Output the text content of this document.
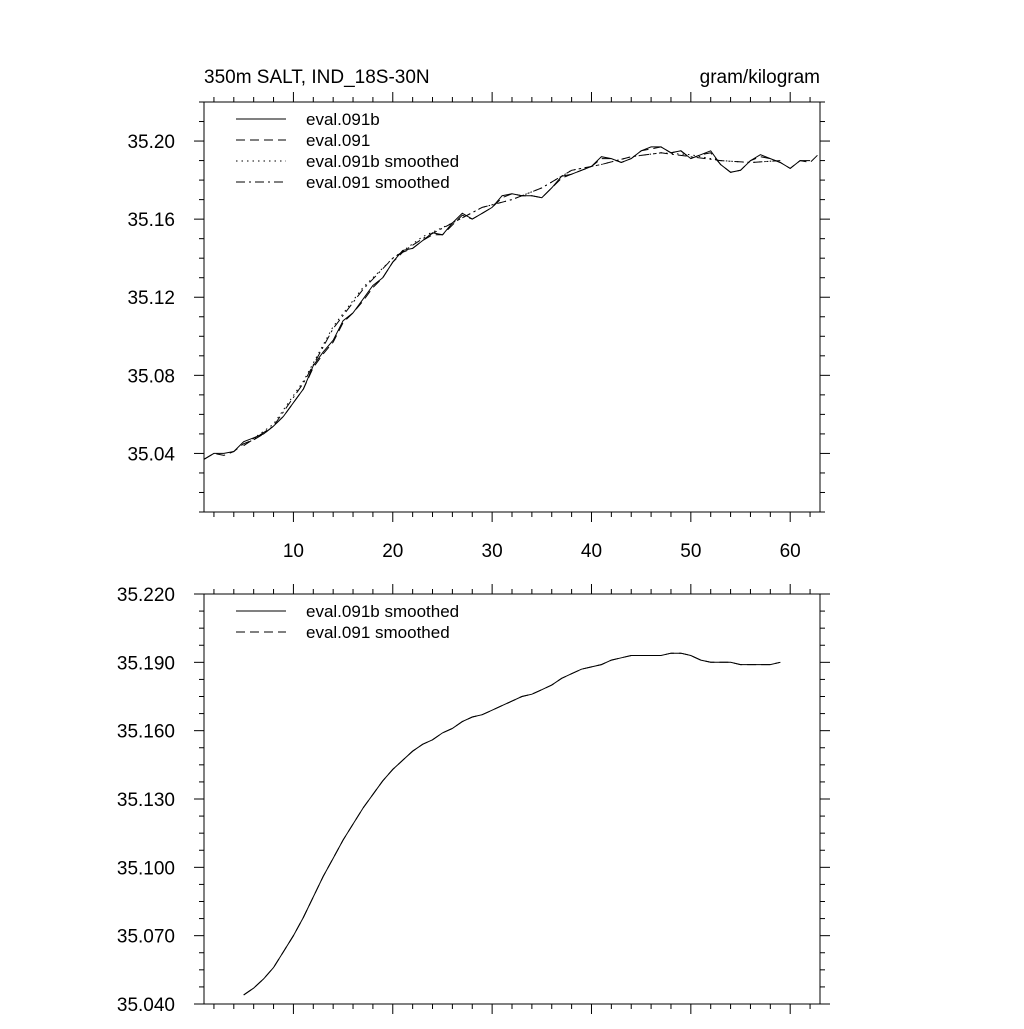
350m SALT, IND_18S-30N	gram/kilogram
10	20	30	40	50	60
35.04
35.08
35.12
35.16
35.20
eval.091b
eval.091
eval.091b smoothed
eval.091 smoothed
35.040
35.070
35.100
35.130
35.160
35.190
35.220
eval.091b smoothed
eval.091 smoothed
